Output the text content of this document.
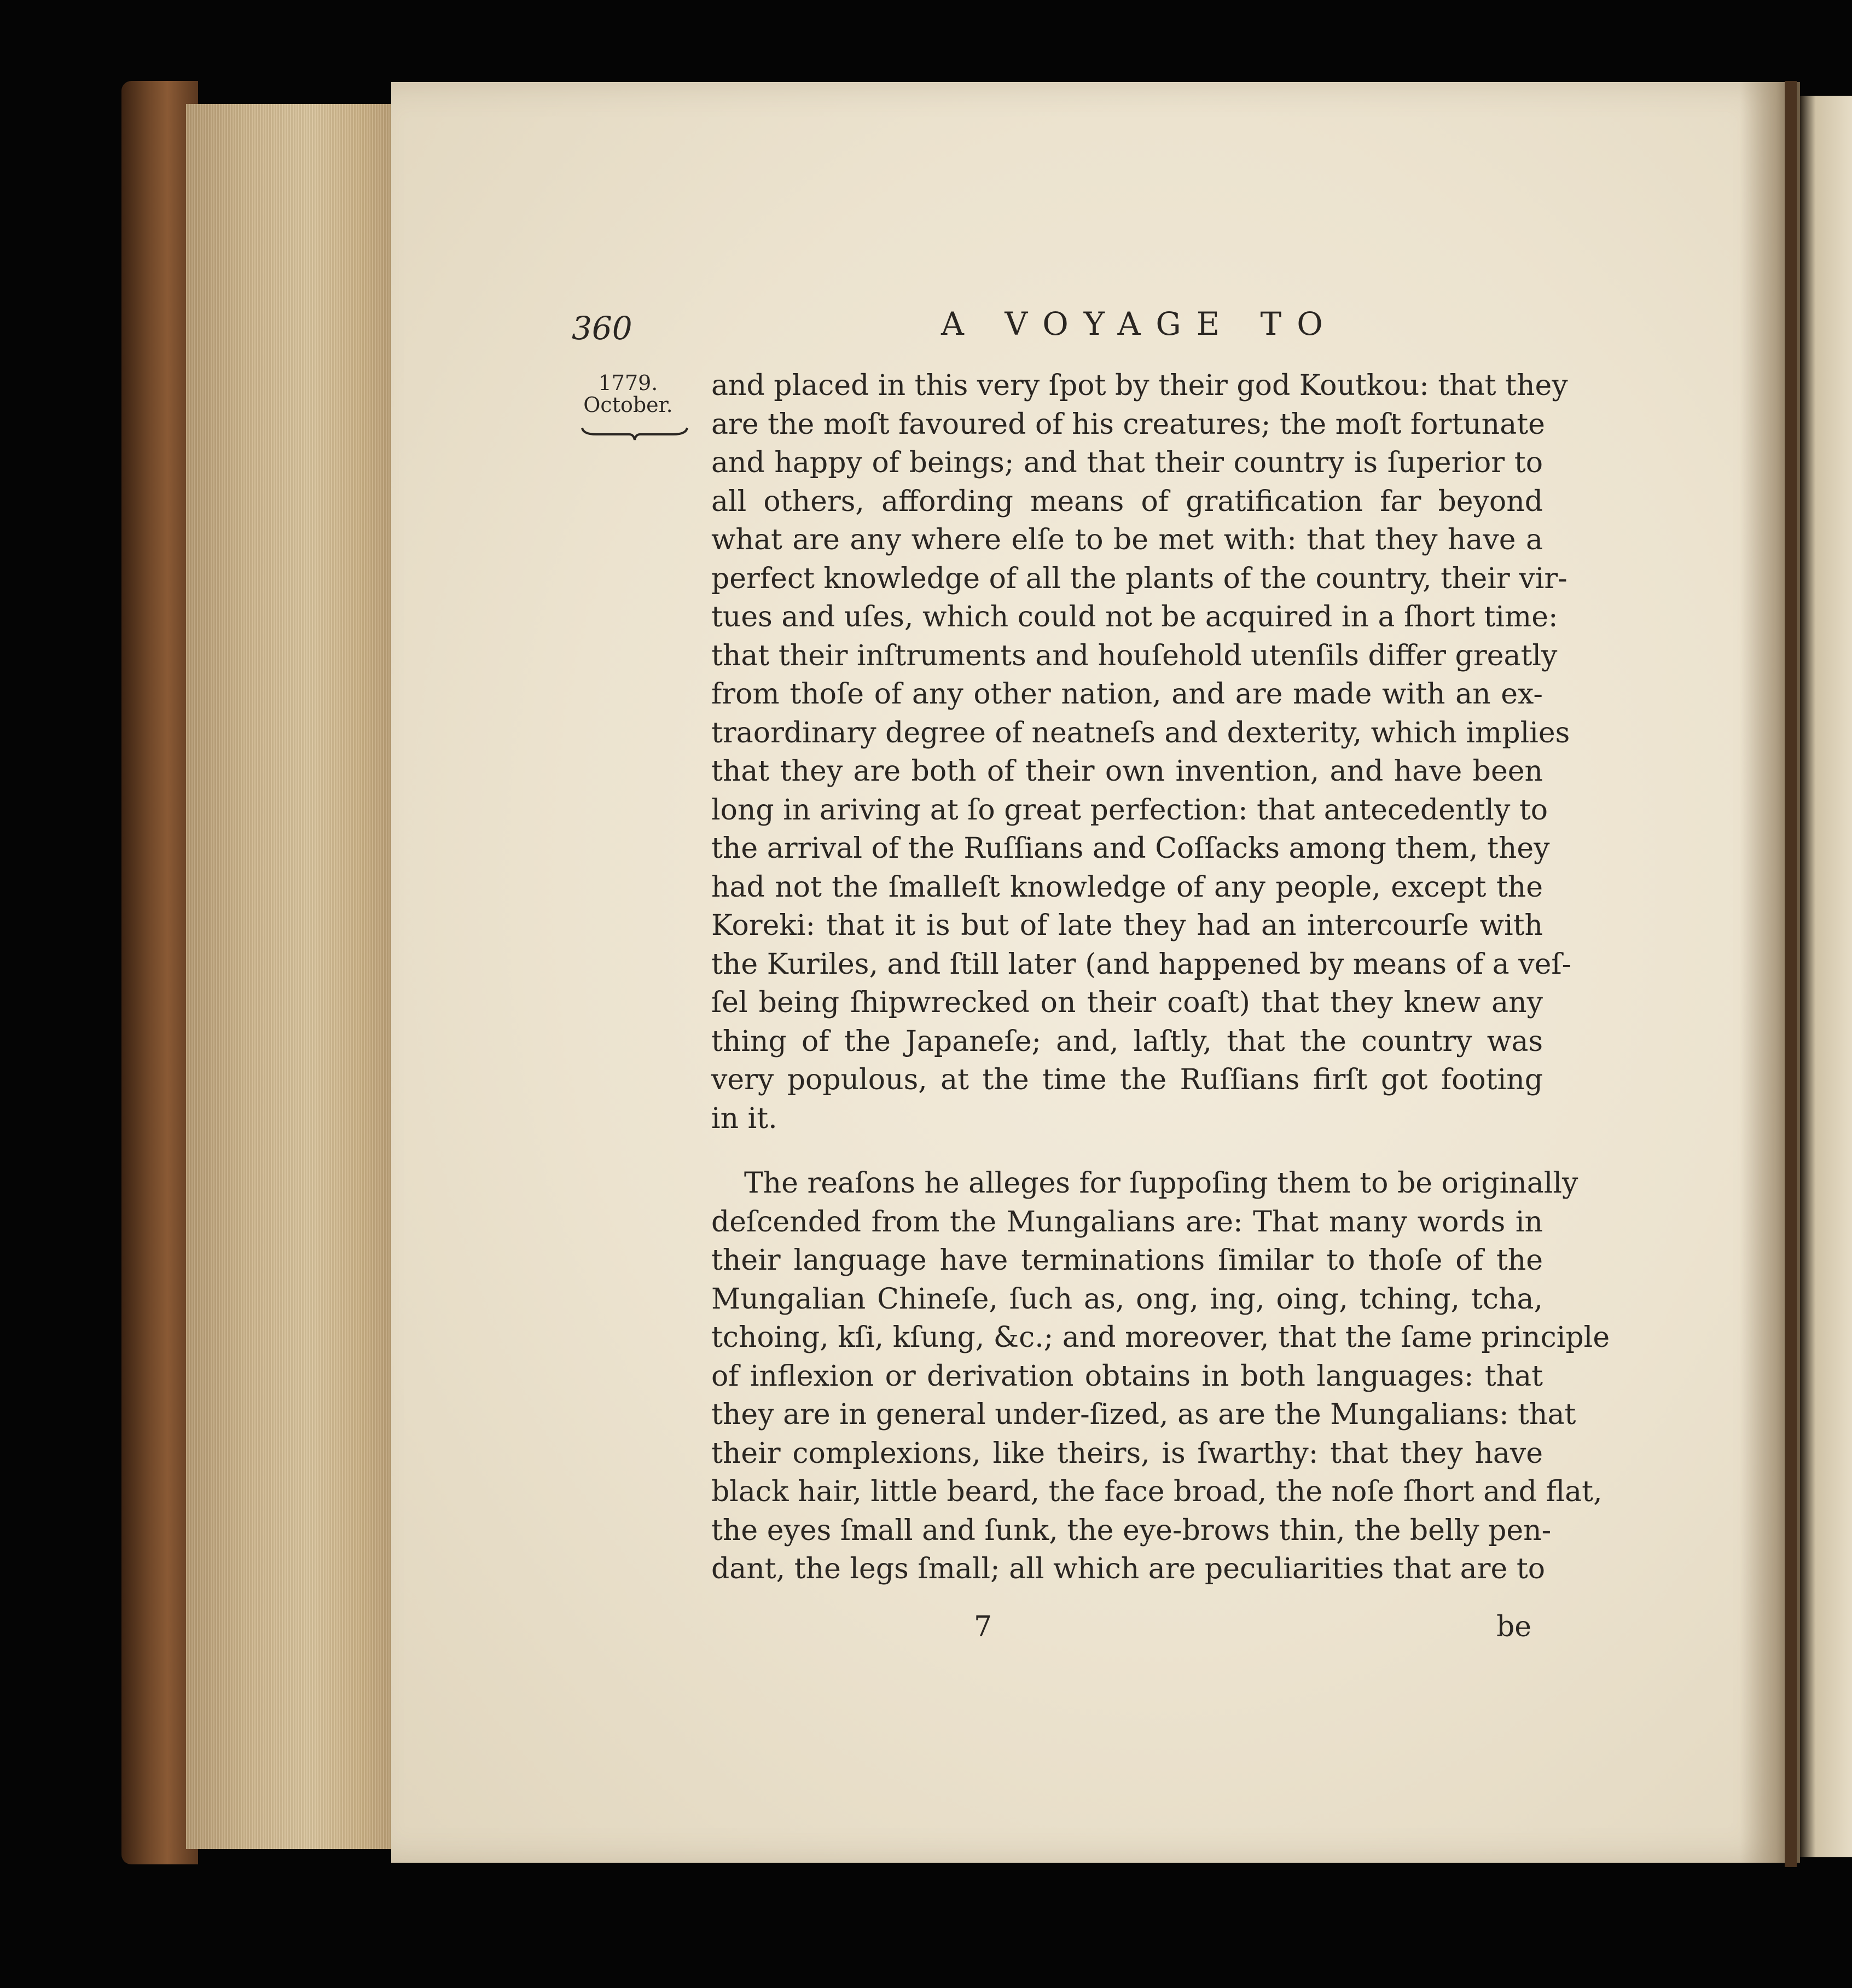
360	A VOYAGE TO
1779.
October.
and placed in this very ſpot by their god Koutkou: that they
are the moſt favoured of his creatures; the moſt fortunate
and happy of beings; and that their country is ſuperior to
all others, affording means of gratification far beyond
what are any where elſe to be met with: that they have a
perfect knowledge of all the plants of the country, their vir-
tues and uſes, which could not be acquired in a ſhort time:
that their inſtruments and houſehold utenſils differ greatly
from thoſe of any other nation, and are made with an ex-
traordinary degree of neatneſs and dexterity, which implies
that they are both of their own invention, and have been
long in ariving at ſo great perfection: that antecedently to
the arrival of the Ruſſians and Coſſacks among them, they
had not the ſmalleſt knowledge of any people, except the
Koreki: that it is but of late they had an intercourſe with
the Kuriles, and ſtill later (and happened by means of a veſ-
ſel being ſhipwrecked on their coaſt) that they knew any
thing of the Japaneſe; and, laſtly, that the country was
very populous, at the time the Ruſſians firſt got footing
in it.
The reaſons he alleges for ſuppoſing them to be originally
deſcended from the Mungalians are: That many words in
their language have terminations ſimilar to thoſe of the
Mungalian Chineſe, ſuch as, ong, ing, oing, tching, tcha,
tchoing, kſi, kſung, &c.; and moreover, that the ſame principle
of inflexion or derivation obtains in both languages: that
they are in general under-ſized, as are the Mungalians: that
their complexions, like theirs, is ſwarthy: that they have
black hair, little beard, the face broad, the noſe ſhort and flat,
the eyes ſmall and ſunk, the eye-brows thin, the belly pen-
dant, the legs ſmall; all which are peculiarities that are to
7	be
